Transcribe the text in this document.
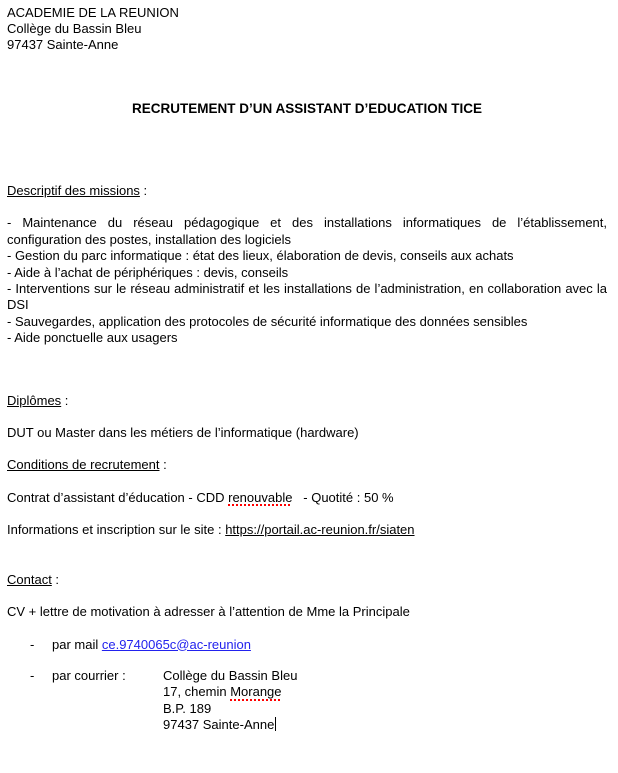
ACADEMIE DE LA REUNION
Collège du Bassin Bleu
97437 Sainte-Anne
RECRUTEMENT D’UN ASSISTANT D’EDUCATION TICE

Descriptif des missions :

- Maintenance du réseau pédagogique et des installations informatiques de l’établissement, configuration des postes, installation des logiciels

- Gestion du parc informatique : état des lieux, élaboration de devis, conseils aux achats

- Aide à l’achat de périphériques : devis, conseils

- Interventions sur le réseau administratif et les installations de l’administration, en collaboration avec la DSI

- Sauvegardes, application des protocoles de sécurité informatique des données sensibles

- Aide ponctuelle aux usagers

Diplômes :

DUT ou Master dans les métiers de l’informatique (hardware)

Conditions de recrutement :

Contrat d’assistant d’éducation - CDD renouvable   - Quotité : 50 %

Informations et inscription sur le site : https://portail.ac-reunion.fr/siaten

Contact :

CV + lettre de motivation à adresser à l’attention de Mme la Principale

-	par mail ce.9740065c@ac-reunion
-	par courrier :	Collège du Bassin Bleu
17, chemin Morange
B.P. 189
97437 Sainte-Anne
